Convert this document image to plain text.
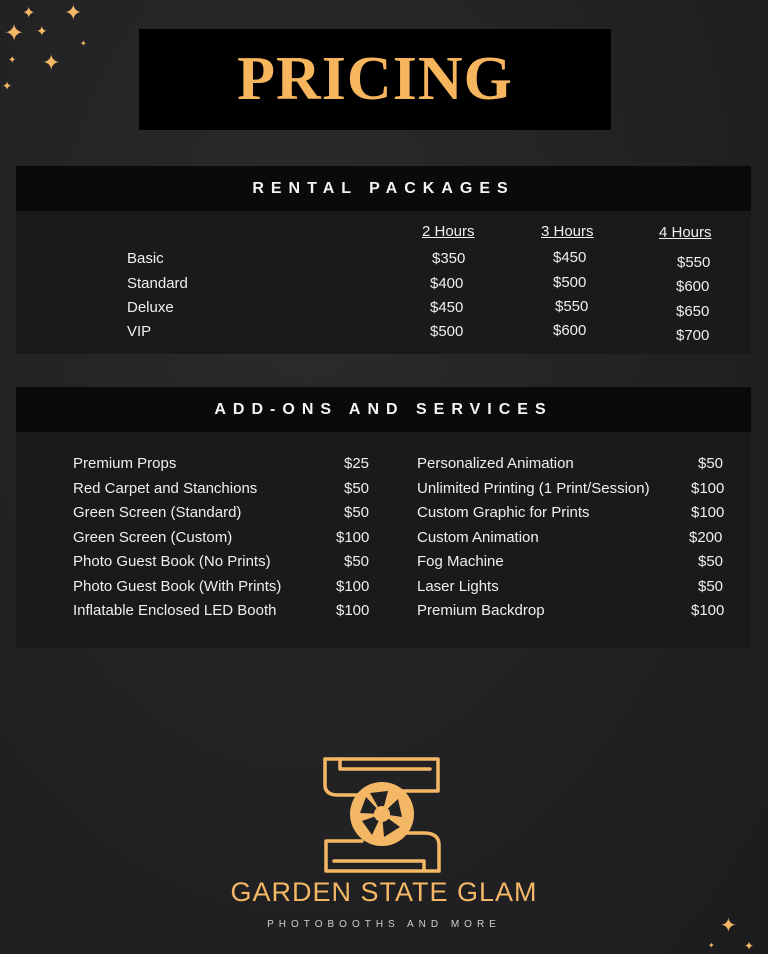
✦ ✦
✦ ✦
✦
✦
✦
✦
✦
✦
✦
PRICING
RENTAL PACKAGES
2 Hours	3 Hours	4 Hours
Basic	$350	$450	$550
Standard	$400	$500	$600
Deluxe	$450	$550	$650
VIP	$500	$600	$700
ADD-ONS AND SERVICES
Premium Props	$25
Red Carpet and Stanchions	$50
Green Screen (Standard)	$50
Green Screen (Custom)	$100
Photo Guest Book (No Prints)	$50
Photo Guest Book (With Prints)	$100
Inflatable Enclosed LED Booth	$100
Personalized Animation	$50
Unlimited Printing (1 Print/Session)	$100
Custom Graphic for Prints	$100
Custom Animation	$200
Fog Machine	$50
Laser Lights	$50
Premium Backdrop	$100
GARDEN STATE GLAM
PHOTOBOOTHS AND MORE
